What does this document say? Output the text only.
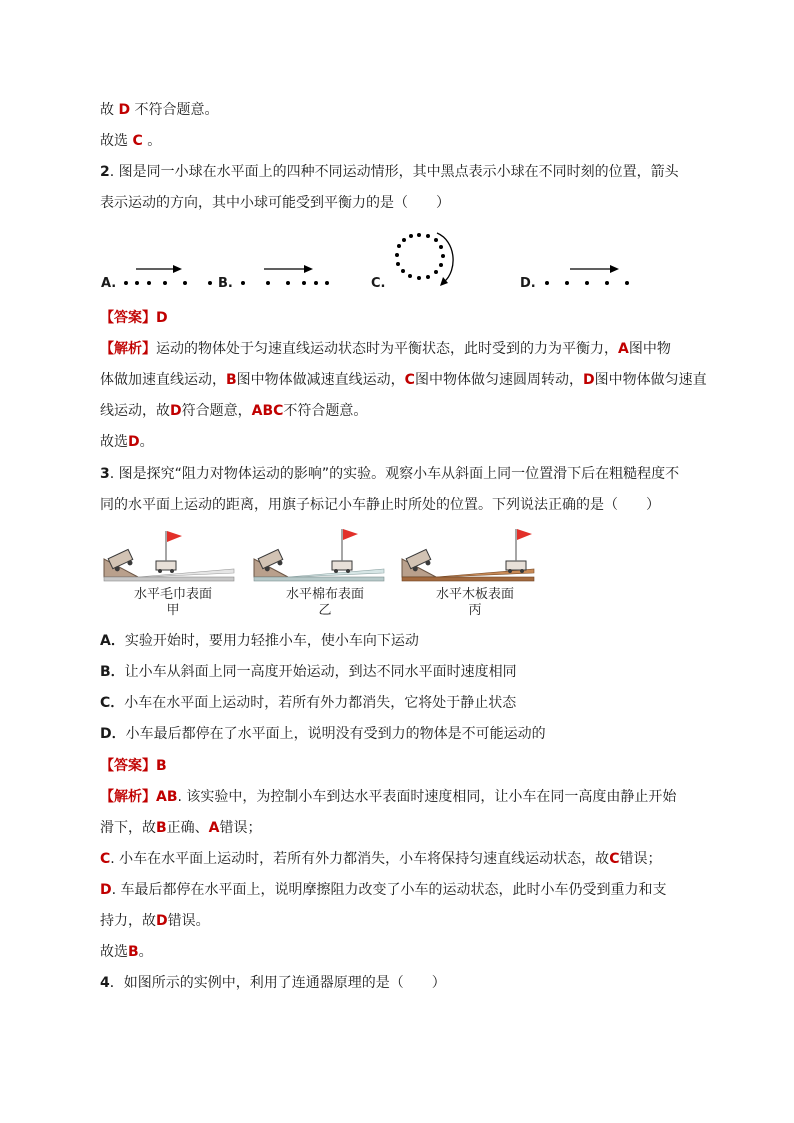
故 D 不符合题意。
故选 C 。
2. 图是同一小球在水平面上的四种不同运动情形，其中黑点表示小球在不同时刻的位置，箭头
表示运动的方向，其中小球可能受到平衡力的是（　　）
A.	B.	C.	D.
【答案】D
【解析】运动的物体处于匀速直线运动状态时为平衡状态，此时受到的力为平衡力，A图中物
体做加速直线运动，B图中物体做减速直线运动，C图中物体做匀速圆周转动，D图中物体做匀速直
线运动，故D符合题意，ABC不符合题意。
故选D。
3. 图是探究“阻力对物体运动的影响”的实验。观察小车从斜面上同一位置滑下后在粗糙程度不
同的水平面上运动的距离，用旗子标记小车静止时所处的位置。下列说法正确的是（　　）
水平毛巾表面
甲
水平棉布表面
乙
水平木板表面
丙
A．实验开始时，要用力轻推小车，使小车向下运动
B．让小车从斜面上同一高度开始运动，到达不同水平面时速度相同
C．小车在水平面上运动时，若所有外力都消失，它将处于静止状态
D．小车最后都停在了水平面上，说明没有受到力的物体是不可能运动的
【答案】B
【解析】AB. 该实验中，为控制小车到达水平表面时速度相同，让小车在同一高度由静止开始
滑下，故B正确、A错误；
C. 小车在水平面上运动时，若所有外力都消失，小车将保持匀速直线运动状态，故C错误；
D. 车最后都停在水平面上，说明摩擦阻力改变了小车的运动状态，此时小车仍受到重力和支
持力，故D错误。
故选B。
4．如图所示的实例中，利用了连通器原理的是（　　）
